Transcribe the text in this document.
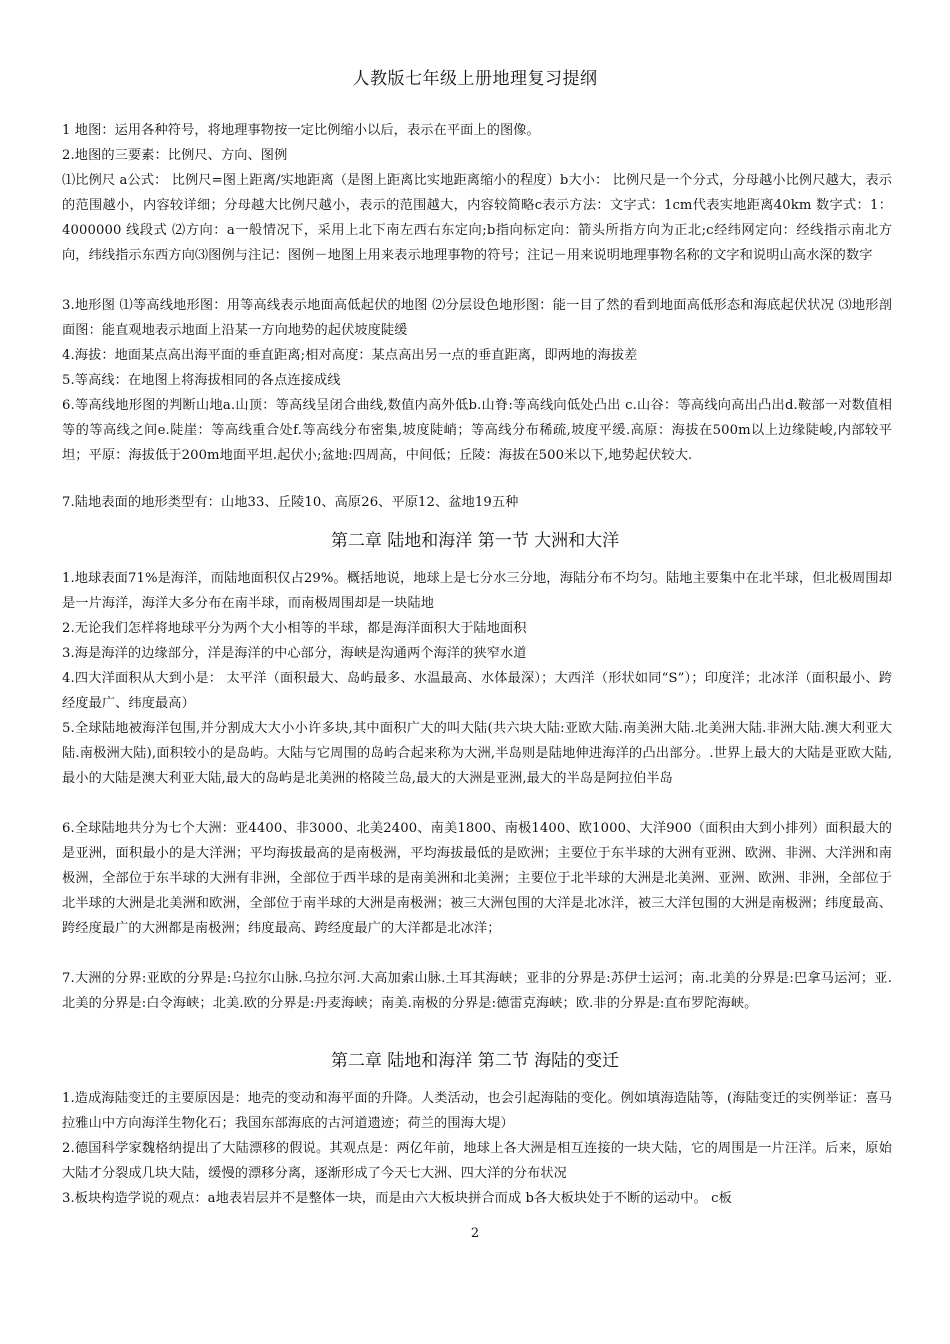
人教版七年级上册地理复习提纲
1 地图：运用各种符号，将地理事物按一定比例缩小以后，表示在平面上的图像。
2.地图的三要素：比例尺、方向、图例
⑴比例尺 a公式： 比例尺=图上距离/实地距离（是图上距离比实地距离缩小的程度）b大小： 比例尺是一个分式，分母越小比例尺越大，表示的范围越小，内容较详细；分母越大比例尺越小，表示的范围越大，内容较简略c表示方法：文字式：1cm代表实地距离40km 数字式：1：4000000 线段式 ⑵方向：a一般情况下，采用上北下南左西右东定向;b指向标定向：箭头所指方向为正北;c经纬网定向：经线指示南北方向，纬线指示东西方向⑶图例与注记：图例－地图上用来表示地理事物的符号；注记－用来说明地理事物名称的文字和说明山高水深的数字
3.地形图 ⑴等高线地形图：用等高线表示地面高低起伏的地图 ⑵分层设色地形图：能一目了然的看到地面高低形态和海底起伏状况 ⑶地形剖面图：能直观地表示地面上沿某一方向地势的起伏坡度陡缓
4.海拔：地面某点高出海平面的垂直距离;相对高度：某点高出另一点的垂直距离，即两地的海拔差
5.等高线：在地图上将海拔相同的各点连接成线
6.等高线地形图的判断山地a.山顶：等高线呈闭合曲线,数值内高外低b.山脊:等高线向低处凸出 c.山谷：等高线向高出凸出d.鞍部一对数值相等的等高线之间e.陡崖：等高线重合处f.等高线分布密集,坡度陡峭；等高线分布稀疏,坡度平缓.高原：海拔在500m以上边缘陡峻,内部较平坦；平原：海拔低于200m地面平坦.起伏小;盆地:四周高，中间低；丘陵：海拔在500米以下,地势起伏较大.
7.陆地表面的地形类型有：山地33、丘陵10、高原26、平原12、盆地19五种
第二章 陆地和海洋 第一节 大洲和大洋
1.地球表面71%是海洋，而陆地面积仅占29%。概括地说，地球上是七分水三分地，海陆分布不均匀。陆地主要集中在北半球，但北极周围却是一片海洋，海洋大多分布在南半球，而南极周围却是一块陆地
2.无论我们怎样将地球平分为两个大小相等的半球，都是海洋面积大于陆地面积
3.海是海洋的边缘部分，洋是海洋的中心部分，海峡是沟通两个海洋的狭窄水道
4.四大洋面积从大到小是： 太平洋（面积最大、岛屿最多、水温最高、水体最深）；大西洋（形状如同“S”）；印度洋；北冰洋（面积最小、跨经度最广、纬度最高）
5.全球陆地被海洋包围,并分割成大大小小许多块,其中面积广大的叫大陆(共六块大陆:亚欧大陆.南美洲大陆.北美洲大陆.非洲大陆.澳大利亚大陆.南极洲大陆),面积较小的是岛屿。大陆与它周围的岛屿合起来称为大洲,半岛则是陆地伸进海洋的凸出部分。.世界上最大的大陆是亚欧大陆,最小的大陆是澳大利亚大陆,最大的岛屿是北美洲的格陵兰岛,最大的大洲是亚洲,最大的半岛是阿拉伯半岛
6.全球陆地共分为七个大洲：亚4400、非3000、北美2400、南美1800、南极1400、欧1000、大洋900（面积由大到小排列）面积最大的是亚洲，面积最小的是大洋洲；平均海拔最高的是南极洲，平均海拔最低的是欧洲；主要位于东半球的大洲有亚洲、欧洲、非洲、大洋洲和南极洲，全部位于东半球的大洲有非洲，全部位于西半球的是南美洲和北美洲；主要位于北半球的大洲是北美洲、亚洲、欧洲、非洲，全部位于北半球的大洲是北美洲和欧洲，全部位于南半球的大洲是南极洲；被三大洲包围的大洋是北冰洋，被三大洋包围的大洲是南极洲；纬度最高、跨经度最广的大洲都是南极洲；纬度最高、跨经度最广的大洋都是北冰洋；
7.大洲的分界:亚欧的分界是:乌拉尔山脉.乌拉尔河.大高加索山脉.土耳其海峡；亚非的分界是:苏伊士运河；南.北美的分界是:巴拿马运河；亚.北美的分界是:白令海峡；北美.欧的分界是:丹麦海峡；南美.南极的分界是:德雷克海峡；欧.非的分界是:直布罗陀海峡。
第二章 陆地和海洋 第二节 海陆的变迁
1.造成海陆变迁的主要原因是：地壳的变动和海平面的升降。人类活动，也会引起海陆的变化。例如填海造陆等，(海陆变迁的实例举证：喜马拉雅山中方向海洋生物化石；我国东部海底的古河道遗迹；荷兰的围海大堤）
2.德国科学家魏格纳提出了大陆漂移的假说。其观点是：两亿年前，地球上各大洲是相互连接的一块大陆，它的周围是一片汪洋。后来，原始大陆才分裂成几块大陆，缓慢的漂移分离，逐渐形成了今天七大洲、四大洋的分布状况
3.板块构造学说的观点：a地表岩层并不是整体一块，而是由六大板块拼合而成 b各大板块处于不断的运动中。 c板
2
